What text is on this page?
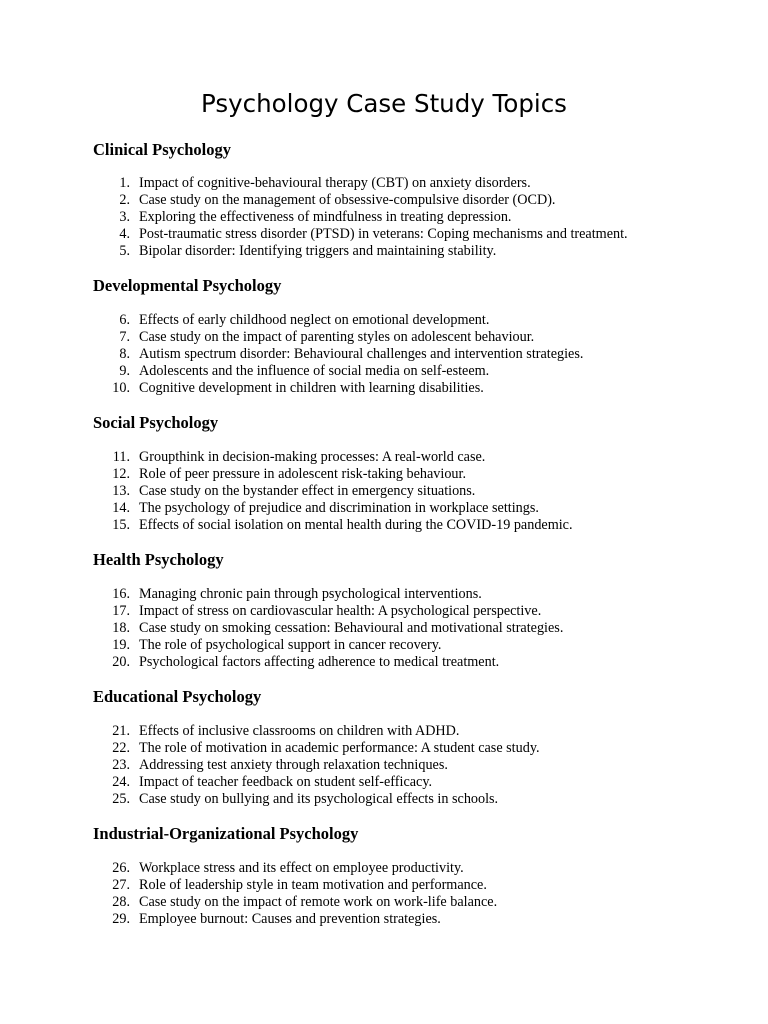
Psychology Case Study Topics
Clinical Psychology
1. Impact of cognitive-behavioural therapy (CBT) on anxiety disorders.
2. Case study on the management of obsessive-compulsive disorder (OCD).
3. Exploring the effectiveness of mindfulness in treating depression.
4. Post-traumatic stress disorder (PTSD) in veterans: Coping mechanisms and treatment.
5. Bipolar disorder: Identifying triggers and maintaining stability.
Developmental Psychology
6. Effects of early childhood neglect on emotional development.
7. Case study on the impact of parenting styles on adolescent behaviour.
8. Autism spectrum disorder: Behavioural challenges and intervention strategies.
9. Adolescents and the influence of social media on self-esteem.
10. Cognitive development in children with learning disabilities.
Social Psychology
11. Groupthink in decision-making processes: A real-world case.
12. Role of peer pressure in adolescent risk-taking behaviour.
13. Case study on the bystander effect in emergency situations.
14. The psychology of prejudice and discrimination in workplace settings.
15. Effects of social isolation on mental health during the COVID-19 pandemic.
Health Psychology
16. Managing chronic pain through psychological interventions.
17. Impact of stress on cardiovascular health: A psychological perspective.
18. Case study on smoking cessation: Behavioural and motivational strategies.
19. The role of psychological support in cancer recovery.
20. Psychological factors affecting adherence to medical treatment.
Educational Psychology
21. Effects of inclusive classrooms on children with ADHD.
22. The role of motivation in academic performance: A student case study.
23. Addressing test anxiety through relaxation techniques.
24. Impact of teacher feedback on student self-efficacy.
25. Case study on bullying and its psychological effects in schools.
Industrial-Organizational Psychology
26. Workplace stress and its effect on employee productivity.
27. Role of leadership style in team motivation and performance.
28. Case study on the impact of remote work on work-life balance.
29. Employee burnout: Causes and prevention strategies.
